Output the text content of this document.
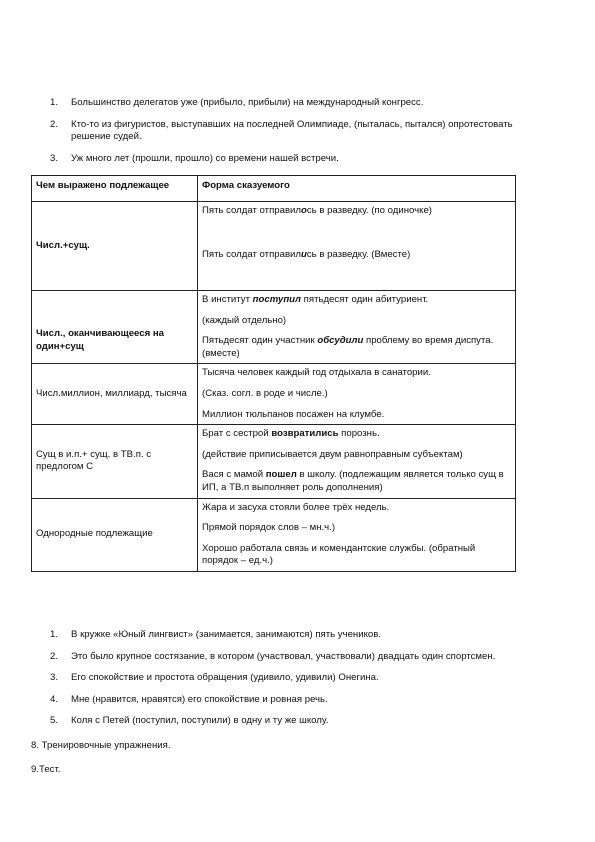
1.	Большинство делегатов уже (прибыло, прибыли) на международный конгресс.
2.	Кто-то из фигуристов, выступавших на последней Олимпиаде, (пыталась, пытался) опротестовать решение судей.
3.	Уж много лет (прошли, прошло) со времени нашей встречи.
Чем выражено подлежащее	Форма сказуемого
Числ.+сущ.	Пять солдат отправилось в разведку. (по одиночке)

Пять солдат отправились в разведку. (Вместе)

Числ., оканчивающееся на один+сущ	В институт поступил пятьдесят один абитуриент.

(каждый отдельно)

Пятьдесят один участник обсудили проблему во время диспута. (вместе)

Числ.миллион, миллиард, тысяча	Тысяча человек каждый год отдыхала в санатории.

(Сказ. согл. в роде и числе.)

Миллион тюльпанов посажен на клумбе.

Сущ в и.п.+ сущ. в ТВ.п. с предлогом С	Брат с сестрой возвратились порознь.

(действие приписывается двум равноправным субъектам)

Вася с мамой пошел в школу. (подлежащим является только сущ в ИП, а ТВ.п выполняет роль дополнения)

Однородные подлежащие	Жара и засуха стояли более трёх недель.

Прямой порядок слов – мн.ч.)

Хорошо работала связь и комендантские службы. (обратный порядок – ед.ч.)

1.	В кружке «Юный лингвист» (занимается, занимаются) пять учеников.
2.	Это было крупное состязание, в котором (участвовал, участвовали) двадцать один спортсмен.
3.	Его спокойствие и простота обращения (удивило, удивили) Онегина.
4.	Мне (нравится, нравятся) его спокойствие и ровная речь.
5.	Коля с Петей (поступил, поступили) в одну и ту же школу.
8. Тренировочные упражнения.
9.Тест.
